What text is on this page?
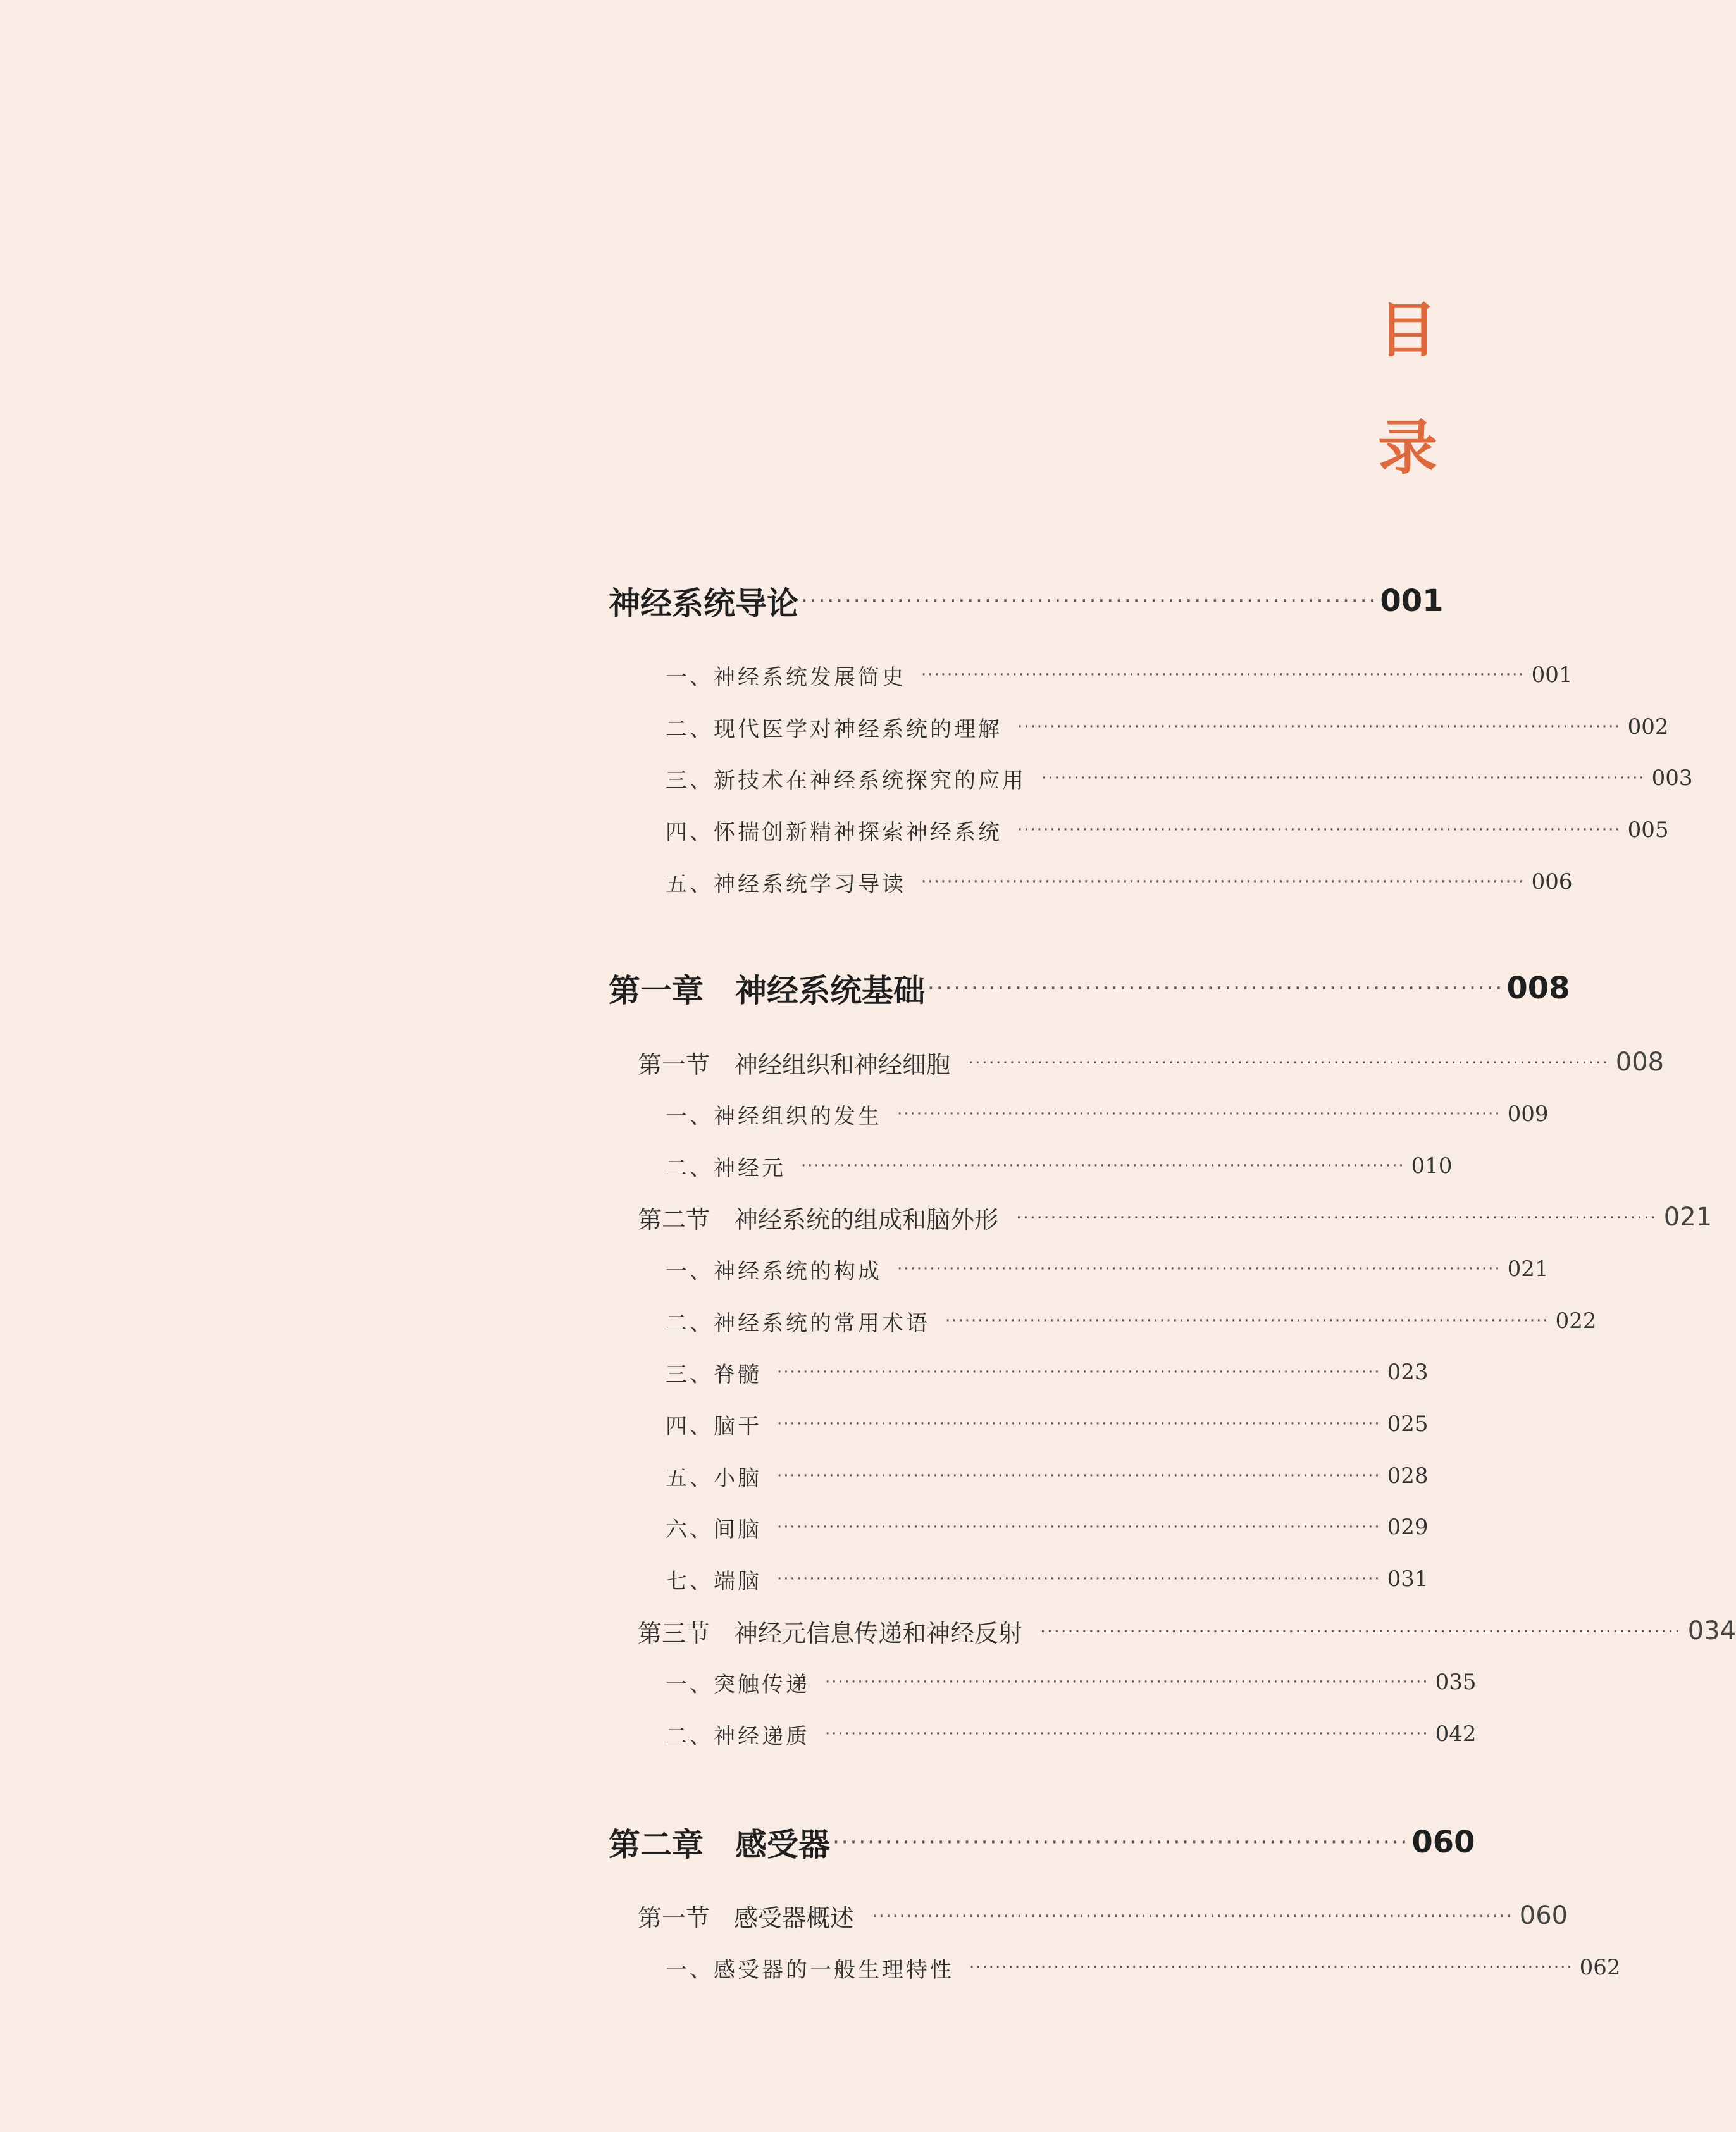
目
录
神经系统导论 ·································································· 001
一、神经系统发展简史 ····························································································· 001
二、现代医学对神经系统的理解 ····························································································· 002
三、新技术在神经系统探究的应用 ····························································································· 003
四、怀揣创新精神探索神经系统 ····························································································· 005
五、神经系统学习导读 ····························································································· 006
第一章　神经系统基础 ·································································· 008
第一节　神经组织和神经细胞 ····························································································· 008
一、神经组织的发生 ····························································································· 009
二、神经元 ····························································································· 010
第二节　神经系统的组成和脑外形 ····························································································· 021
一、神经系统的构成 ····························································································· 021
二、神经系统的常用术语 ····························································································· 022
三、脊髓 ····························································································· 023
四、脑干 ····························································································· 025
五、小脑 ····························································································· 028
六、间脑 ····························································································· 029
七、端脑 ····························································································· 031
第三节　神经元信息传递和神经反射 ····························································································· 034
一、突触传递 ····························································································· 035
二、神经递质 ····························································································· 042
第二章　感受器 ·································································· 060
第一节　感受器概述 ····························································································· 060
一、感受器的一般生理特性 ····························································································· 062
